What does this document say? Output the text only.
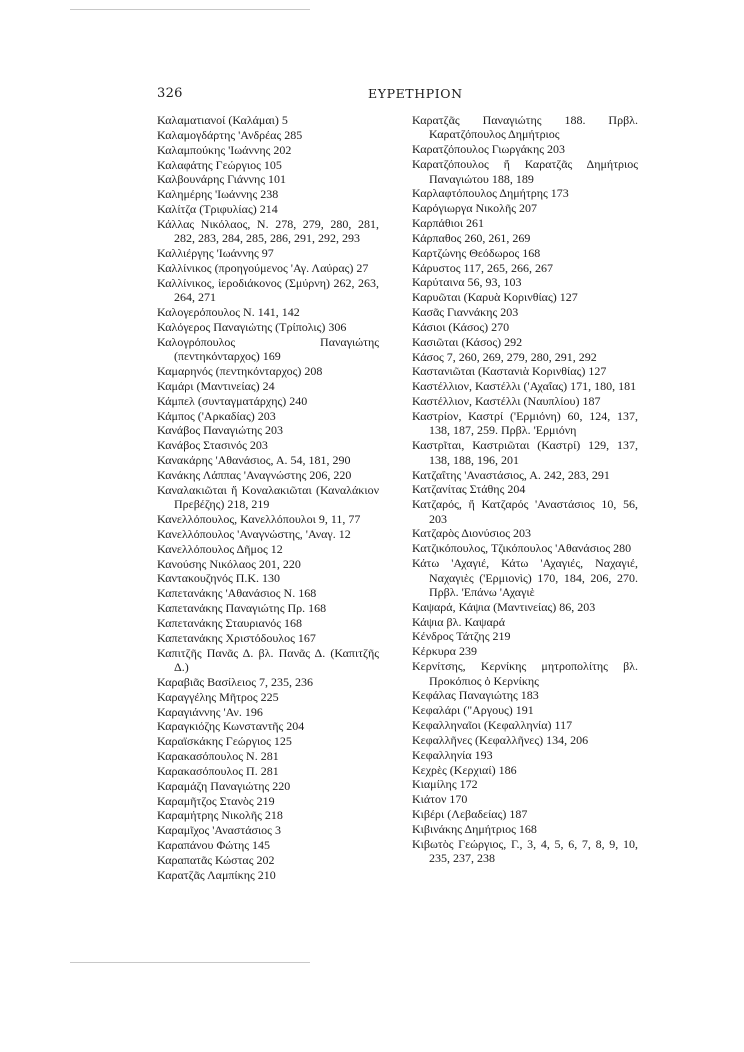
326	ΕΥΡΕΤΗΡΙΟΝ
Καλαματιανοί (Καλάμαι) 5
Καλαμογδάρτης 'Ανδρέας 285
Καλαμπούκης 'Ιωάννης 202
Καλαφάτης Γεώργιος 105
Καλβουνάρης Γιάννης 101
Καλημέρης 'Ιωάννης 238
Καλίτζα (Τριφυλίας) 214
Κάλλας Νικόλαος, Ν. 278, 279, 280, 281, 282, 283, 284, 285, 286, 291, 292, 293
Καλλιέργης 'Ιωάννης 97
Καλλίνικος (προηγούμενος 'Αγ. Λαύρας) 27
Καλλίνικος, ἱεροδιάκονος (Σμύρνη) 262, 263, 264, 271
Καλογερόπουλος Ν. 141, 142
Καλόγερος Παναγιώτης (Τρίπολις) 306
Καλογρόπουλος Παναγιώτης (πεντηκόνταρχος) 169
Καμαρηνός (πεντηκόνταρχος) 208
Καμάρι (Μαντινείας) 24
Κάμπελ (συνταγματάρχης) 240
Κάμπος ('Αρκαδίας) 203
Κανάβος Παναγιώτης 203
Κανάβος Στασινός 203
Κανακάρης 'Αθανάσιος, Α. 54, 181, 290
Κανάκης Λάππας 'Αναγνώστης 206, 220
Καναλακιῶται ἤ Κοναλακιῶται (Καναλάκιον Πρεβέζης) 218, 219
Κανελλόπουλος, Κανελλόπουλοι 9, 11, 77
Κανελλόπουλος 'Αναγνώστης, 'Αναγ. 12
Κανελλόπουλος Δῆμος 12
Κανούσης Νικόλαος 201, 220
Καντακουζηνός Π.Κ. 130
Καπετανάκης 'Αθανάσιος Ν. 168
Καπετανάκης Παναγιώτης Πρ. 168
Καπετανάκης Σταυριανός 168
Καπετανάκης Χριστόδουλος 167
Καπιτζῆς Πανᾶς Δ. βλ. Πανᾶς Δ. (Καπιτζῆς Δ.)
Καραβιᾶς Βασίλειος 7, 235, 236
Καραγγέλης Μῆτρος 225
Καραγιάννης 'Αν. 196
Καραγκιόζης Κωνσταντῆς 204
Καραϊσκάκης Γεώργιος 125
Καρακασόπουλος Ν. 281
Καρακασόπουλος Π. 281
Καραμάζη Παναγιώτης 220
Καραμῆτζος Στανὸς 219
Καραμήτρης Νικολῆς 218
Καραμῖχος 'Αναστάσιος 3
Καραπάνου Φώτης 145
Καραπατᾶς Κώστας 202
Καρατζᾶς Λαμπίκης 210
Καρατζᾶς Παναγιώτης 188. Πρβλ. Καρατζόπουλος Δημήτριος
Καρατζόπουλος Γιωργάκης 203
Καρατζόπουλος ἤ Καρατζᾶς Δημήτριος Παναγιώτου 188, 189
Καρλαφτόπουλος Δημήτρης 173
Καρόγιωργα Νικολῆς 207
Καρπάθιοι 261
Κάρπαθος 260, 261, 269
Καρτζώνης Θεόδωρος 168
Κάρυστος 117, 265, 266, 267
Καρύταινα 56, 93, 103
Καρυῶται (Καρυὰ Κορινθίας) 127
Κασᾶς Γιαννάκης 203
Κάσιοι (Κάσος) 270
Κασιῶται (Κάσος) 292
Κάσος 7, 260, 269, 279, 280, 291, 292
Καστανιῶται (Καστανιὰ Κορινθίας) 127
Καστέλλιον, Καστέλλι ('Αχαΐας) 171, 180, 181
Καστέλλιον, Καστέλλι (Ναυπλίου) 187
Καστρίον, Καστρί ('Ερμιόνη) 60, 124, 137, 138, 187, 259. Πρβλ. 'Ερμιόνη
Καστρῖται, Καστριῶται (Καστρί) 129, 137, 138, 188, 196, 201
Κατζαΐτης 'Αναστάσιος, Α. 242, 283, 291
Κατζανίτας Στάθης 204
Κατζαρός, ἤ Κατζαρός 'Αναστάσιος 10, 56, 203
Κατζαρὸς Διονύσιος 203
Κατζικόπουλος, Τζικόπουλος 'Αθανάσιος 280
Κάτω 'Αχαγιέ, Κάτω 'Αχαγιές, Ναχαγιέ, Ναχαγιὲς ('Ερμιονὶς) 170, 184, 206, 270. Πρβλ. 'Επάνω 'Αχαγιὲ
Καψαρά, Κάψια (Μαντινείας) 86, 203
Κάψια βλ. Καψαρά
Κένδρος Τάτζης 219
Κέρκυρα 239
Κερνίτσης, Κερνίκης μητροπολίτης βλ. Προκόπιος ὁ Κερνίκης
Κεφάλας Παναγιώτης 183
Κεφαλάρι ("Αργους) 191
Κεφαλληναῖοι (Κεφαλληνία) 117
Κεφαλλῆνες (Κεφαλλῆνες) 134, 206
Κεφαλληνία 193
Κεχρὲς (Κερχιαί) 186
Κιαμίλης 172
Κιάτον 170
Κιβέρι (Λεβαδείας) 187
Κιβινάκης Δημήτριος 168
Κιβωτὸς Γεώργιος, Γ., 3, 4, 5, 6, 7, 8, 9, 10, 235, 237, 238
